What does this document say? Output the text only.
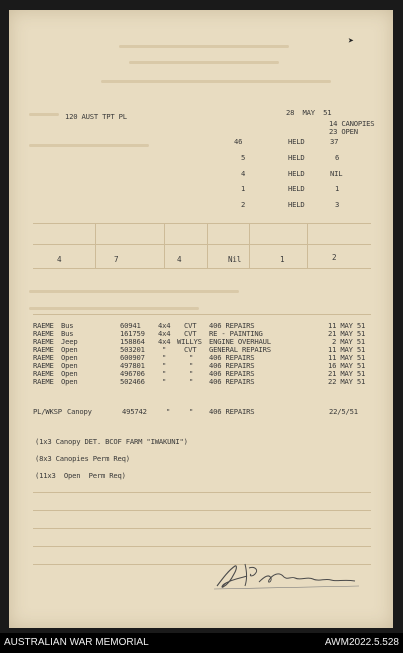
➤
120 AUST TPT PL	28  MAY  51
14 CANOPIES
23 OPEN
46	HELD	37
5	HELD	6
4	HELD	NIL
1	HELD	1
2	HELD	3
4	7	4	Nil	1	2
RAEME Bus	60941 4x4 CVT 406 REPAIRS	11 MAY 51
RAEME Bus	161759 4x4 CVT RE - PAINTING	21 MAY 51
RAEME Jeep	158864 4x4 WILLYS ENGINE OVERHAUL	2 MAY 51
RAEME Open	503201 " CVT GENERAL REPAIRS	11 MAY 51
RAEME Open	600907 "	" 406 REPAIRS	11 MAY 51
RAEME Open	497801 "	" 406 REPAIRS	16 MAY 51
RAEME Open	496706 "	" 406 REPAIRS	21 MAY 51
RAEME Open	502466 "	" 406 REPAIRS	22 MAY 51
PL/WKSP Canopy	495742	"	" 406 REPAIRS	22/5/51
(1x3 Canopy DET. BCOF FARM "IWAKUNI")
(8x3 Canopies Perm Req)
(11x3  Open  Perm Req)
AUSTRALIAN WAR MEMORIAL	AWM2022.5.528
